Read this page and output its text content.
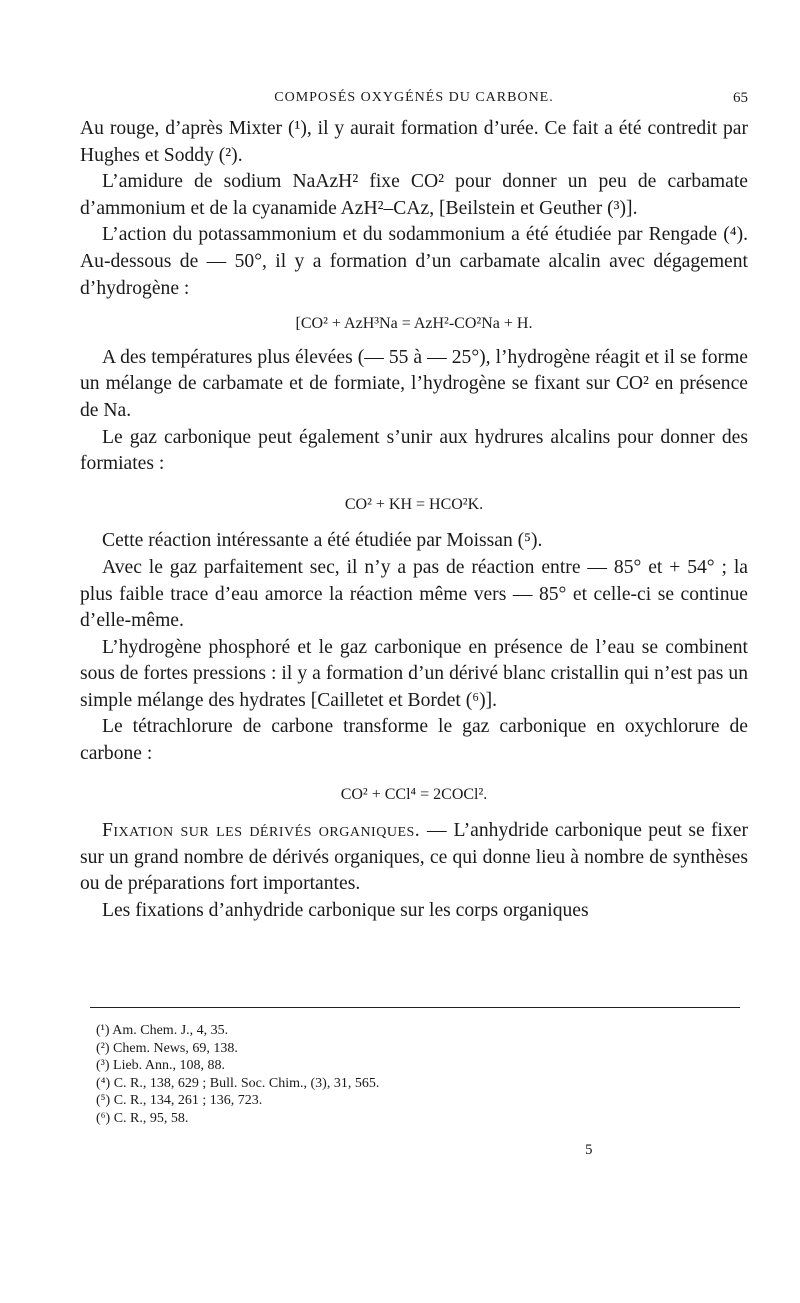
COMPOSÉS OXYGÉNÉS DU CARBONE.	65

Au rouge, d’après Mixter (¹), il y aurait formation d’urée. Ce fait a été contredit par Hughes et Soddy (²).

L’amidure de sodium NaAzH² fixe CO² pour donner un peu de carbamate d’ammonium et de la cyanamide AzH²–CAz, [Beilstein et Geuther (³)].

L’action du potassammonium et du sodammonium a été étudiée par Rengade (⁴). Au-dessous de — 50°, il y a formation d’un carbamate alcalin avec dégagement d’hydrogène :

[CO² + AzH³Na = AzH²-CO²Na + H.

A des températures plus élevées (— 55 à — 25°), l’hydrogène réagit et il se forme un mélange de carbamate et de formiate, l’hydrogène se fixant sur CO² en présence de Na.

Le gaz carbonique peut également s’unir aux hydrures alcalins pour donner des formiates :

CO² + KH = HCO²K.

Cette réaction intéressante a été étudiée par Moissan (⁵).

Avec le gaz parfaitement sec, il n’y a pas de réaction entre — 85° et + 54° ; la plus faible trace d’eau amorce la réaction même vers — 85° et celle-ci se continue d’elle-même.

L’hydrogène phosphoré et le gaz carbonique en présence de l’eau se combinent sous de fortes pressions : il y a formation d’un dérivé blanc cristallin qui n’est pas un simple mélange des hydrates [Cailletet et Bordet (⁶)].

Le tétrachlorure de carbone transforme le gaz carbonique en oxychlorure de carbone :

CO² + CCl⁴ = 2COCl².

Fixation sur les dérivés organiques. — L’anhydride carbonique peut se fixer sur un grand nombre de dérivés organiques, ce qui donne lieu à nombre de synthèses ou de préparations fort importantes.

Les fixations d’anhydride carbonique sur les corps organiques

(¹) Am. Chem. J., 4, 35.
(²) Chem. News, 69, 138.
(³) Lieb. Ann., 108, 88.
(⁴) C. R., 138, 629 ; Bull. Soc. Chim., (3), 31, 565.
(⁵) C. R., 134, 261 ; 136, 723.
(⁶) C. R., 95, 58.
5
